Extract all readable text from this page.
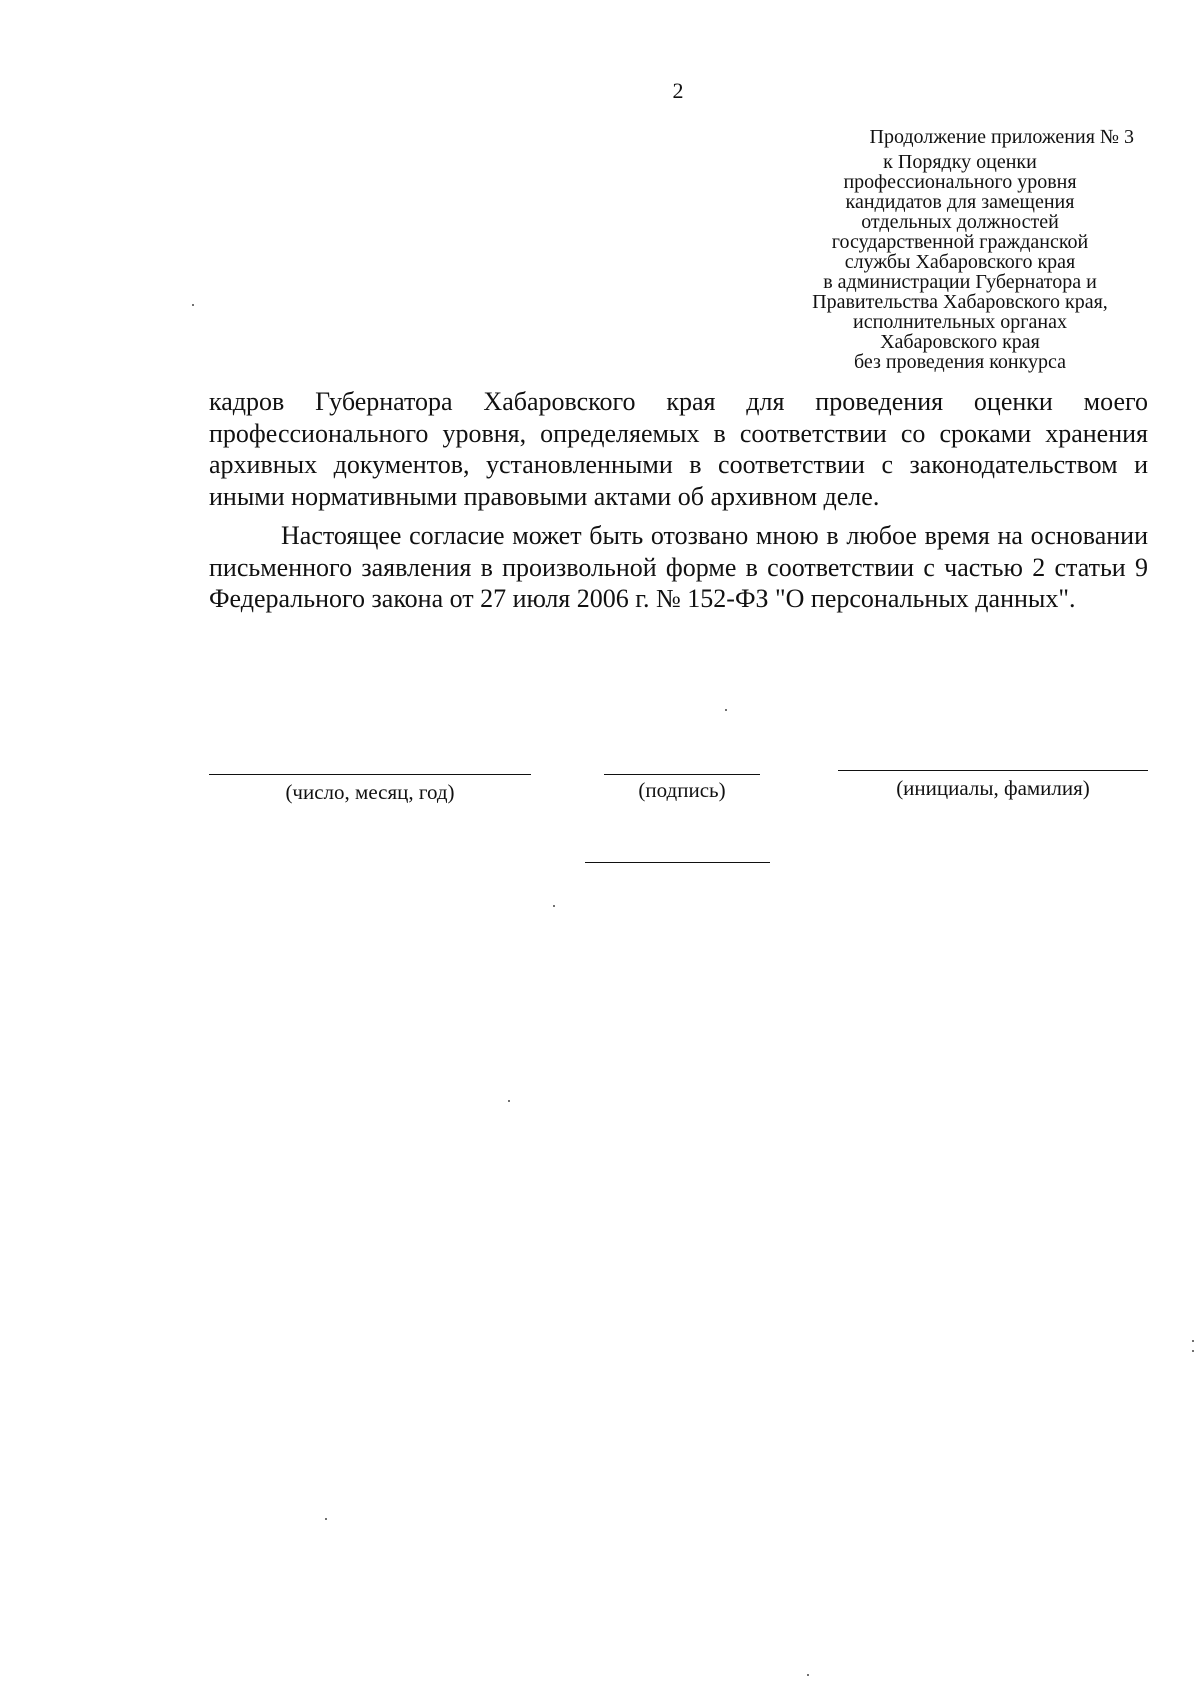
2
Продолжение приложения № 3
к Порядку оценки
профессионального уровня
кандидатов для замещения
отдельных должностей
государственной гражданской
службы Хабаровского края
в администрации Губернатора и
Правительства Хабаровского края,
исполнительных органах
Хабаровского края
без проведения конкурса

кадров Губернатора Хабаровского края для проведения оценки моего профессионального уровня, определяемых в соответствии со сроками хранения архивных документов, установленными в соответствии с законодательством и иными нормативными правовыми актами об архивном деле.

Настоящее согласие может быть отозвано мною в любое время на основании письменного заявления в произвольной форме в соответствии с частью 2 статьи 9 Федерального закона от 27 июля 2006 г. № 152-ФЗ "О персональных данных".

(число, месяц, год)	(подпись)	(инициалы, фамилия)
